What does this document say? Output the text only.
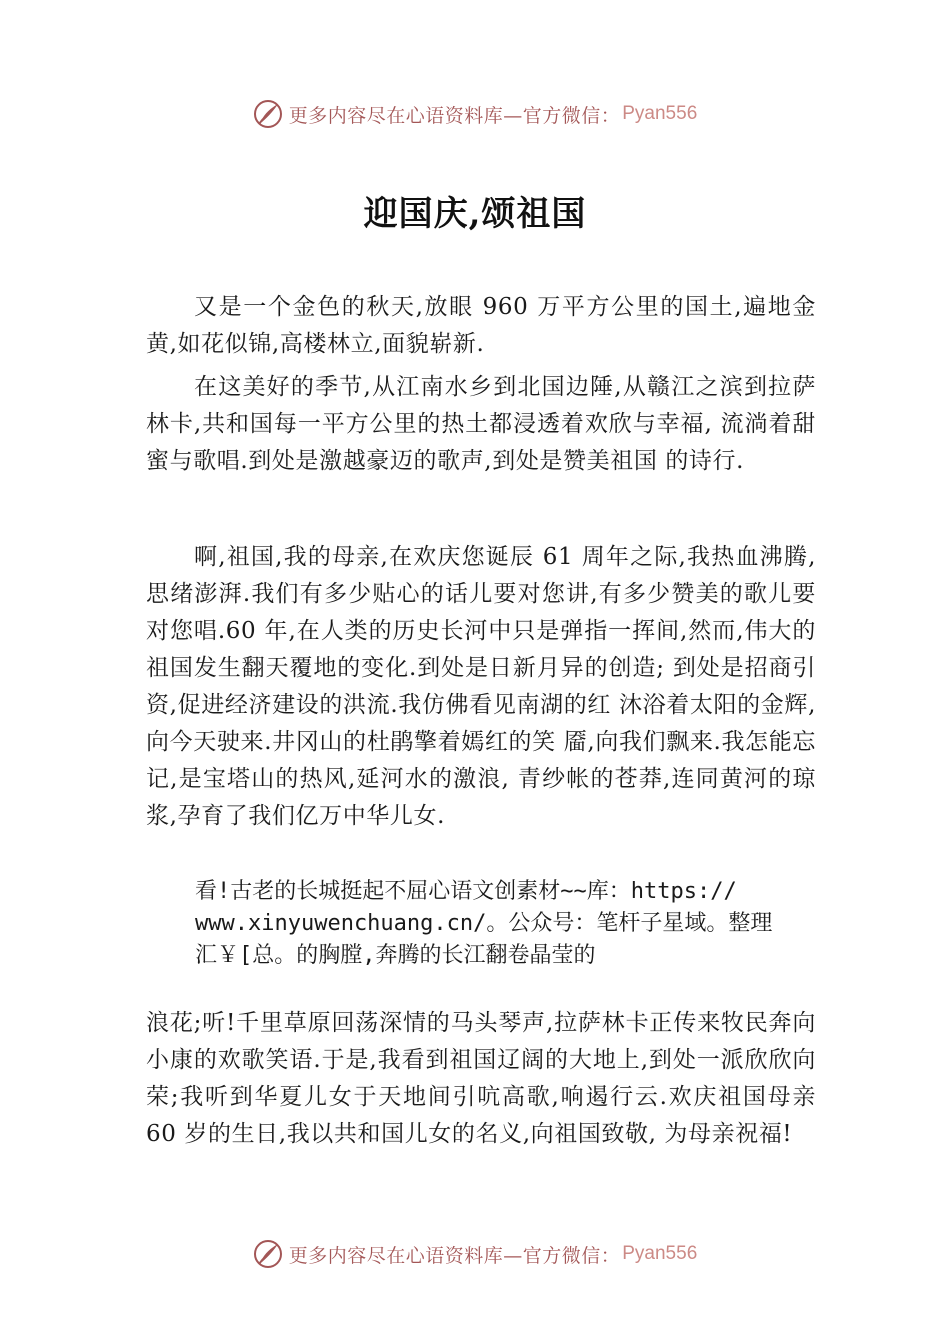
更多内容尽在心语资料库—官方微信： Pyan556
迎国庆,颂祖国

又是一个金色的秋天,放眼 960 万平方公里的国土,遍地金黄,如花似锦,高楼林立,面貌崭新.

在这美好的季节,从江南水乡到北国边陲,从赣江之滨到拉萨林卡,共和国每一平方公里的热土都浸透着欢欣与幸福, 流淌着甜蜜与歌唱.到处是激越豪迈的歌声,到处是赞美祖国 的诗行.

啊,祖国,我的母亲,在欢庆您诞辰 61 周年之际,我热血沸腾,思绪澎湃.我们有多少贴心的话儿要对您讲,有多少赞美的歌儿要对您唱.60 年,在人类的历史长河中只是弹指一挥间,然而,伟大的祖国发生翻天覆地的变化.到处是日新月异的创造; 到处是招商引资,促进经济建设的洪流.我仿佛看见南湖的红 沐浴着太阳的金辉,向今天驶来.井冈山的杜鹃擎着嫣红的笑 靥,向我们飘来.我怎能忘记,是宝塔山的热风,延河水的激浪, 青纱帐的苍莽,连同黄河的琼浆,孕育了我们亿万中华儿女.

看!古老的长城挺起不屈心语文创素材~~库：https://
www.xinyuwenchuang.cn/。公众号：笔杆子星域。整理
汇￥[总。的胸膛,奔腾的长江翻卷晶莹的

浪花;听!千里草原回荡深情的马头琴声,拉萨林卡正传来牧民奔向小康的欢歌笑语.于是,我看到祖国辽阔的大地上,到处一派欣欣向荣;我听到华夏儿女于天地间引吭高歌,响遏行云.欢庆祖国母亲 60 岁的生日,我以共和国儿女的名义,向祖国致敬, 为母亲祝福!

更多内容尽在心语资料库—官方微信： Pyan556
